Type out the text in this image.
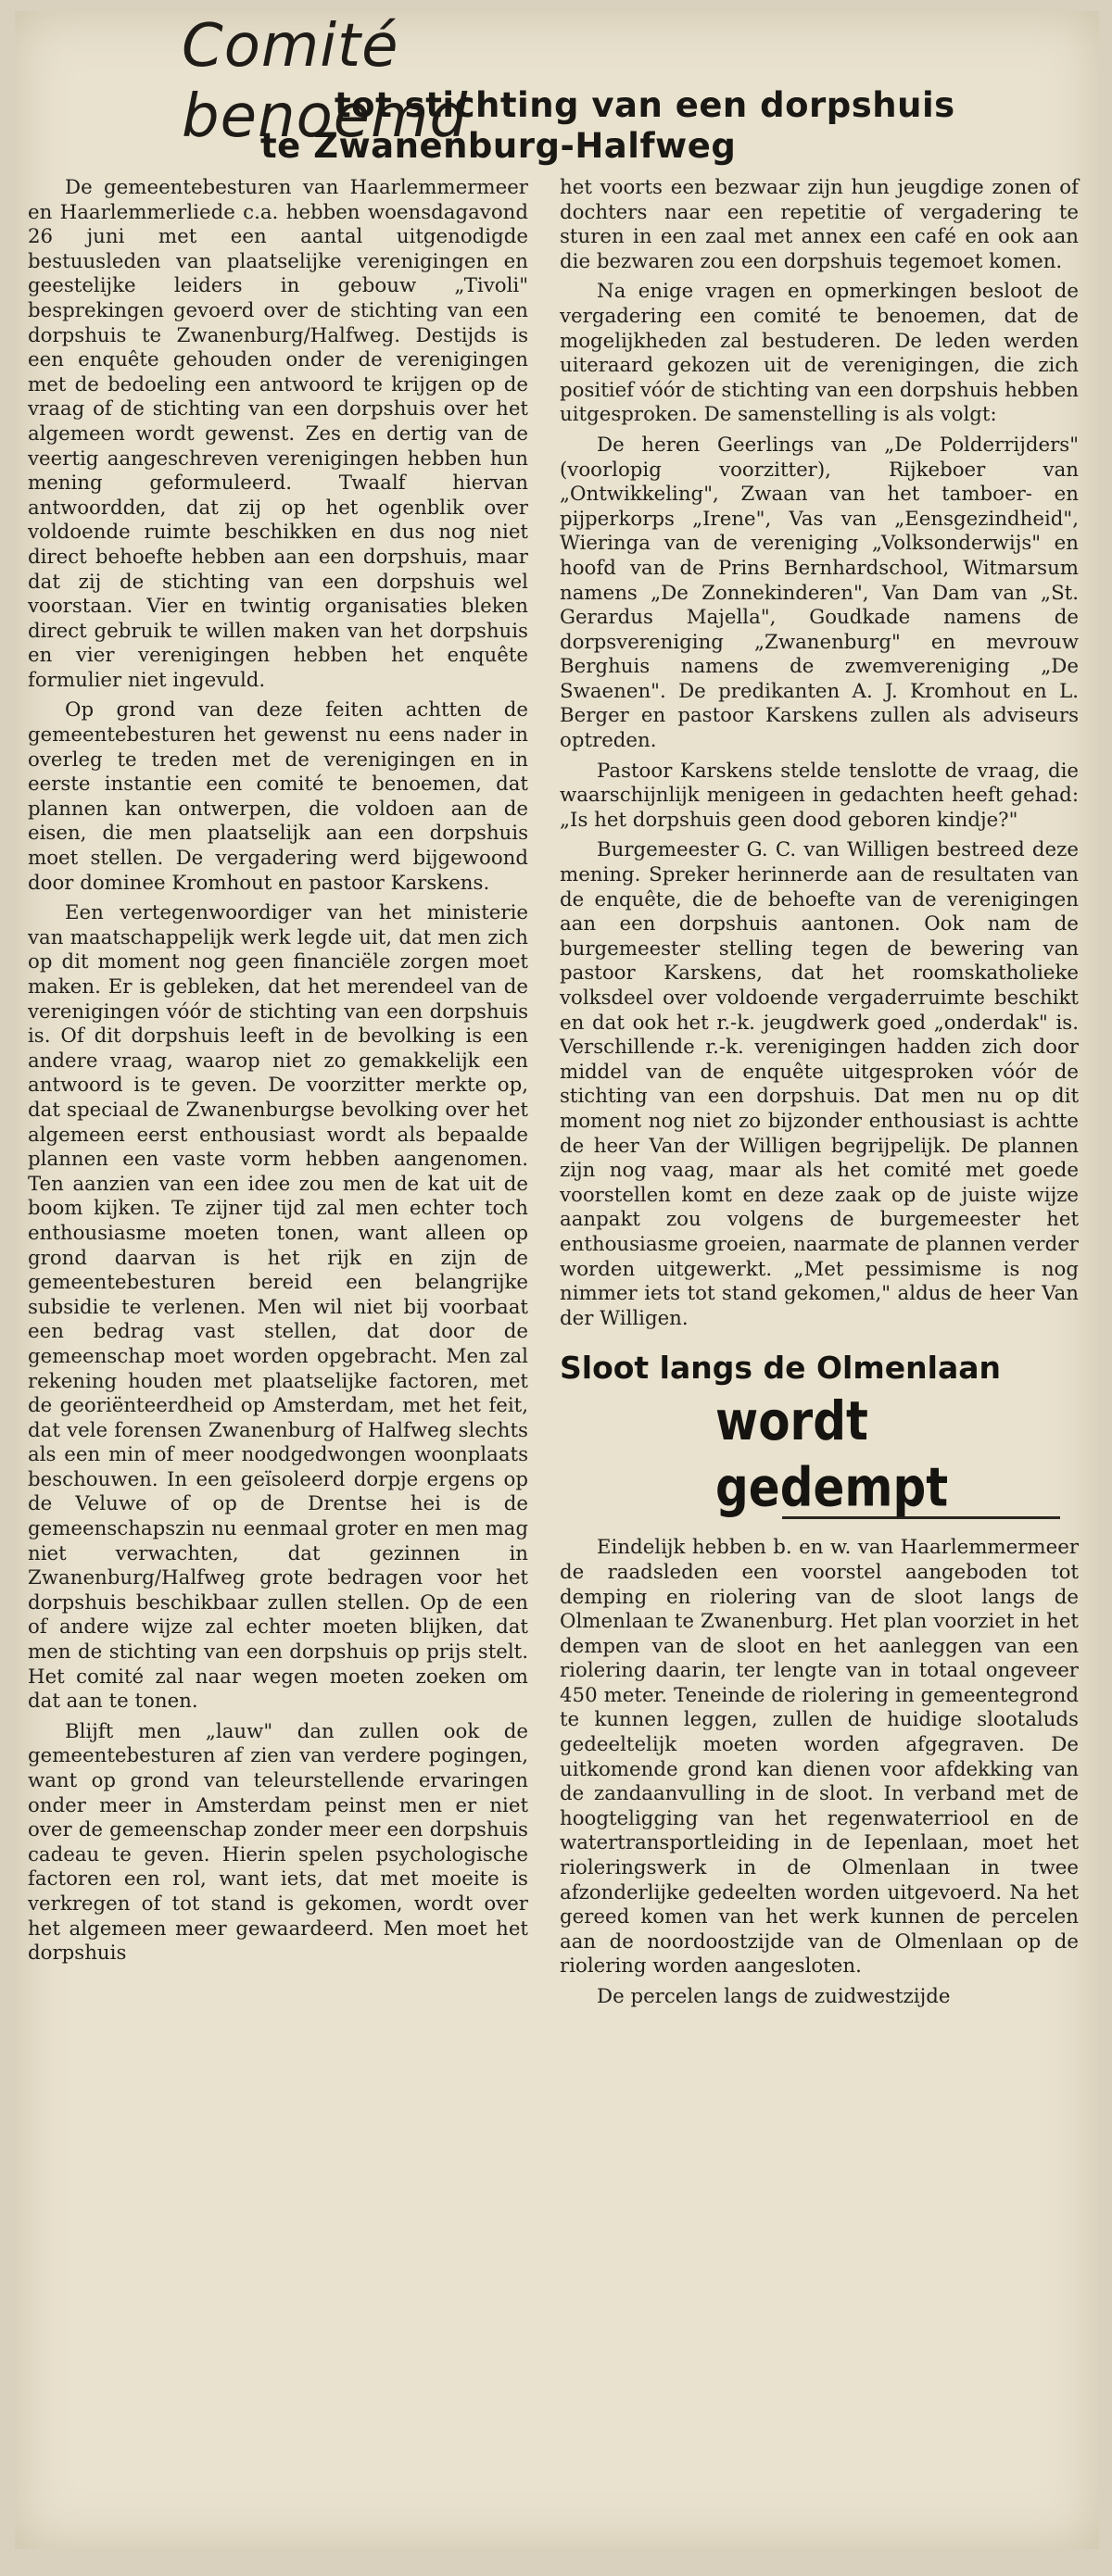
Comité benoemd
tot stichting van een dorpshuis
te Zwanenburg-Halfweg

De gemeentebesturen van Haarlemmermeer en Haarlemmerliede c.a. hebben woensdagavond 26 juni met een aantal uitgenodigde bestuusleden van plaatselijke verenigingen en geestelijke leiders in gebouw „Tivoli" besprekingen gevoerd over de stichting van een dorpshuis te Zwanenburg/Halfweg. Destijds is een enquête gehouden onder de verenigingen met de bedoeling een antwoord te krijgen op de vraag of de stichting van een dorpshuis over het algemeen wordt gewenst. Zes en dertig van de veertig aangeschreven verenigingen hebben hun mening geformuleerd. Twaalf hiervan antwoordden, dat zij op het ogenblik over voldoende ruimte beschikken en dus nog niet direct behoefte hebben aan een dorpshuis, maar dat zij de stichting van een dorpshuis wel voorstaan. Vier en twintig organisaties bleken direct gebruik te willen maken van het dorpshuis en vier verenigingen hebben het enquête formulier niet ingevuld.

Op grond van deze feiten achtten de gemeentebesturen het gewenst nu eens nader in overleg te treden met de verenigingen en in eerste instantie een comité te benoemen, dat plannen kan ontwerpen, die voldoen aan de eisen, die men plaatselijk aan een dorpshuis moet stellen. De vergadering werd bijgewoond door dominee Kromhout en pastoor Karskens.

Een vertegenwoordiger van het ministerie van maatschappelijk werk legde uit, dat men zich op dit moment nog geen financiële zorgen moet maken. Er is gebleken, dat het merendeel van de verenigingen vóór de stichting van een dorpshuis is. Of dit dorpshuis leeft in de bevolking is een andere vraag, waarop niet zo gemakkelijk een antwoord is te geven. De voorzitter merkte op, dat speciaal de Zwanenburgse bevolking over het algemeen eerst enthousiast wordt als bepaalde plannen een vaste vorm hebben aangenomen. Ten aanzien van een idee zou men de kat uit de boom kijken. Te zijner tijd zal men echter toch enthousiasme moeten tonen, want alleen op grond daarvan is het rijk en zijn de gemeentebesturen bereid een belangrijke subsidie te verlenen. Men wil niet bij voorbaat een bedrag vast stellen, dat door de gemeenschap moet worden opgebracht. Men zal rekening houden met plaatselijke factoren, met de georiënteerdheid op Amsterdam, met het feit, dat vele forensen Zwanenburg of Halfweg slechts als een min of meer noodgedwongen woonplaats beschouwen. In een geïsoleerd dorpje ergens op de Veluwe of op de Drentse hei is de gemeenschapszin nu eenmaal groter en men mag niet verwachten, dat gezinnen in Zwanenburg/Halfweg grote bedragen voor het dorpshuis beschikbaar zullen stellen. Op de een of andere wijze zal echter moeten blijken, dat men de stichting van een dorpshuis op prijs stelt. Het comité zal naar wegen moeten zoeken om dat aan te tonen.

Blijft men „lauw" dan zullen ook de gemeentebesturen af zien van verdere pogingen, want op grond van teleurstellende ervaringen onder meer in Amsterdam peinst men er niet over de gemeenschap zonder meer een dorpshuis cadeau te geven. Hierin spelen psychologische factoren een rol, want iets, dat met moeite is verkregen of tot stand is gekomen, wordt over het algemeen meer gewaardeerd. Men moet het dorpshuis

het voorts een bezwaar zijn hun jeugdige zonen of dochters naar een repetitie of vergadering te sturen in een zaal met annex een café en ook aan die bezwaren zou een dorpshuis tegemoet komen.

Na enige vragen en opmerkingen besloot de vergadering een comité te benoemen, dat de mogelijkheden zal bestuderen. De leden werden uiteraard gekozen uit de verenigingen, die zich positief vóór de stichting van een dorpshuis hebben uitgesproken. De samenstelling is als volgt:

De heren Geerlings van „De Polderrijders" (voorlopig voorzitter), Rijkeboer van „Ontwikkeling", Zwaan van het tamboer- en pijperkorps „Irene", Vas van „Eensgezindheid", Wieringa van de vereniging „Volksonderwijs" en hoofd van de Prins Bernhardschool, Witmarsum namens „De Zonnekinderen", Van Dam van „St. Gerardus Majella", Goudkade namens de dorpsvereniging „Zwanenburg" en mevrouw Berghuis namens de zwemvereniging „De Swaenen". De predikanten A. J. Kromhout en L. Berger en pastoor Karskens zullen als adviseurs optreden.

Pastoor Karskens stelde tenslotte de vraag, die waarschijnlijk menigeen in gedachten heeft gehad: „Is het dorpshuis geen dood geboren kindje?"

Burgemeester G. C. van Willigen bestreed deze mening. Spreker herinnerde aan de resultaten van de enquête, die de behoefte van de verenigingen aan een dorpshuis aantonen. Ook nam de burgemeester stelling tegen de bewering van pastoor Karskens, dat het roomskatholieke volksdeel over voldoende vergaderruimte beschikt en dat ook het r.-k. jeugdwerk goed „onderdak" is. Verschillende r.-k. verenigingen hadden zich door middel van de enquête uitgesproken vóór de stichting van een dorpshuis. Dat men nu op dit moment nog niet zo bijzonder enthousiast is achtte de heer Van der Willigen begrijpelijk. De plannen zijn nog vaag, maar als het comité met goede voorstellen komt en deze zaak op de juiste wijze aanpakt zou volgens de burgemeester het enthousiasme groeien, naarmate de plannen verder worden uitgewerkt. „Met pessimisme is nog nimmer iets tot stand gekomen," aldus de heer Van der Willigen.

Sloot langs de Olmenlaan
wordt gedempt

Eindelijk hebben b. en w. van Haarlemmermeer de raadsleden een voorstel aangeboden tot demping en riolering van de sloot langs de Olmenlaan te Zwanenburg. Het plan voorziet in het dempen van de sloot en het aanleggen van een riolering daarin, ter lengte van in totaal ongeveer 450 meter. Teneinde de riolering in gemeentegrond te kunnen leggen, zullen de huidige slootaluds gedeeltelijk moeten worden afgegraven. De uitkomende grond kan dienen voor afdekking van de zandaanvulling in de sloot. In verband met de hoogteligging van het regenwaterriool en de watertransportleiding in de Iepenlaan, moet het rioleringswerk in de Olmenlaan in twee afzonderlijke gedeelten worden uitgevoerd. Na het gereed komen van het werk kunnen de percelen aan de noordoostzijde van de Olmenlaan op de riolering worden aangesloten.

De percelen langs de zuidwestzijde
